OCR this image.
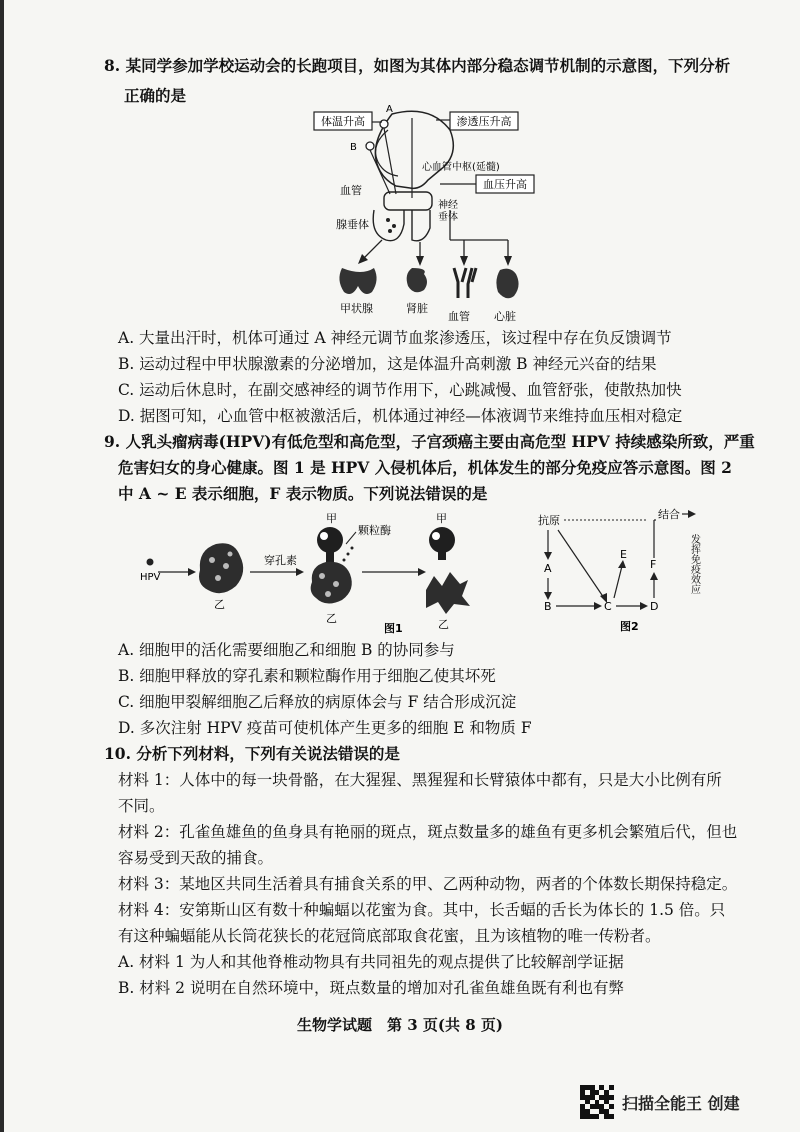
8. 某同学参加学校运动会的长跑项目，如图为其体内部分稳态调节机制的示意图，下列分析
正确的是
体温升高	渗透压升高
血压升高
A
B
心血管中枢(延髓)
血管
神经
垂体
腺垂体
甲状腺	肾脏
血管 心脏
A. 大量出汗时，机体可通过 A 神经元调节血浆渗透压，该过程中存在负反馈调节
B. 运动过程中甲状腺激素的分泌增加，这是体温升高刺激 B 神经元兴奋的结果
C. 运动后休息时，在副交感神经的调节作用下，心跳减慢、血管舒张，使散热加快
D. 据图可知，心血管中枢被激活后，机体通过神经—体液调节来维持血压相对稳定
9. 人乳头瘤病毒(HPV)有低危型和高危型，子宫颈癌主要由高危型 HPV 持续感染所致，严重
危害妇女的身心健康。图 1 是 HPV 入侵机体后，机体发生的部分免疫应答示意图。图 2
中 A ~ E 表示细胞，F 表示物质。下列说法错误的是
HPV
乙
穿孔素
甲
颗粒酶
乙
甲
乙
图1
抗原	结合
发挥免疫效应
A
B	C
E
D
F
图2
A. 细胞甲的活化需要细胞乙和细胞 B 的协同参与
B. 细胞甲释放的穿孔素和颗粒酶作用于细胞乙使其坏死
C. 细胞甲裂解细胞乙后释放的病原体会与 F 结合形成沉淀
D. 多次注射 HPV 疫苗可使机体产生更多的细胞 E 和物质 F
10. 分析下列材料，下列有关说法错误的是
材料 1：人体中的每一块骨骼，在大猩猩、黑猩猩和长臂猿体中都有，只是大小比例有所
不同。
材料 2：孔雀鱼雄鱼的鱼身具有艳丽的斑点，斑点数量多的雄鱼有更多机会繁殖后代，但也
容易受到天敌的捕食。
材料 3：某地区共同生活着具有捕食关系的甲、乙两种动物，两者的个体数长期保持稳定。
材料 4：安第斯山区有数十种蝙蝠以花蜜为食。其中，长舌蝠的舌长为体长的 1.5 倍。只
有这种蝙蝠能从长筒花狭长的花冠筒底部取食花蜜，且为该植物的唯一传粉者。
A. 材料 1 为人和其他脊椎动物具有共同祖先的观点提供了比较解剖学证据
B. 材料 2 说明在自然环境中，斑点数量的增加对孔雀鱼雄鱼既有利也有弊
生物学试题　第 3 页(共 8 页)
扫描全能王 创建
